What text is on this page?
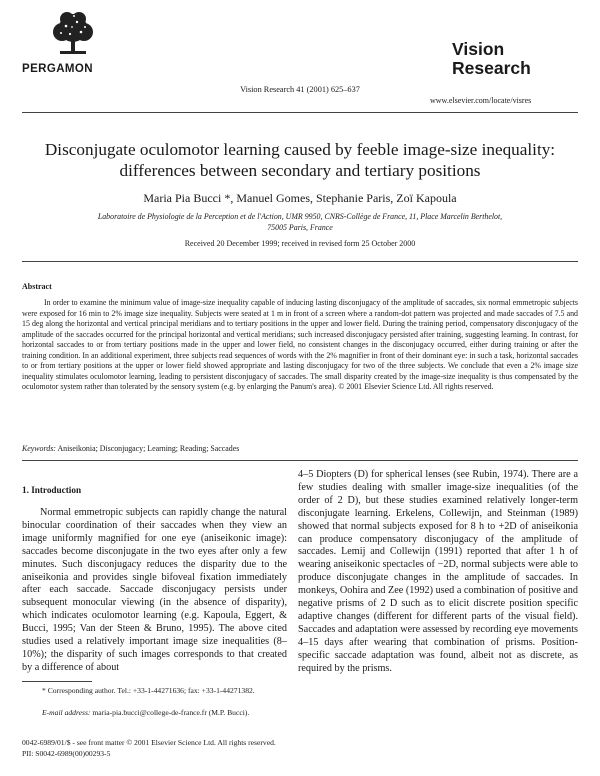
PERGAMON
Vision Research 41 (2001) 625–637
Vision
Research
www.elsevier.com/locate/visres
Disconjugate oculomotor learning caused by feeble image-size inequality: differences between secondary and tertiary positions
Maria Pia Bucci *, Manuel Gomes, Stephanie Paris, Zoï Kapoula
Laboratoire de Physiologie de la Perception et de l'Action, UMR 9950, CNRS-Collège de France, 11, Place Marcelin Berthelot,
75005 Paris, France
Received 20 December 1999; received in revised form 25 October 2000
Abstract
In order to examine the minimum value of image-size inequality capable of inducing lasting disconjugacy of the amplitude of saccades, six normal emmetropic subjects were exposed for 16 min to 2% image size inequality. Subjects were seated at 1 m in front of a screen where a random-dot pattern was projected and made saccades of 7.5 and 15 deg along the horizontal and vertical principal meridians and to tertiary positions in the upper and lower field. During the training period, compensatory disconjugacy of the amplitude of the saccades occurred for the principal horizontal and vertical meridians; such increased disconjugacy persisted after training, suggesting learning. In contrast, for horizontal saccades to or from tertiary positions made in the upper and lower field, no consistent changes in the disconjugacy occurred, either during training or after the training condition. In an additional experiment, three subjects read sequences of words with the 2% magnifier in front of their dominant eye: in such a task, horizontal saccades to or from tertiary positions at the upper or lower field showed appropriate and lasting disconjugacy for two of the three subjects. We conclude that even a 2% image size inequality stimulates oculomotor learning, leading to persistent disconjugacy of saccades. The small disparity created by the image-size inequality is thus compensated by the oculomotor system rather than tolerated by the sensory system (e.g. by enlarging the Panum's area). © 2001 Elsevier Science Ltd. All rights reserved.
Keywords: Aniseikonia; Disconjugacy; Learning; Reading; Saccades
1. Introduction
Normal emmetropic subjects can rapidly change the natural binocular coordination of their saccades when they view an image uniformly magnified for one eye (aniseikonic image): saccades become disconjugate in the two eyes after only a few minutes. Such disconjugacy reduces the disparity due to the aniseikonia and provides single bifoveal fixation immediately after each saccade. Saccade disconjugacy persists under subsequent monocular viewing (in the absence of disparity), which indicates oculomotor learning (e.g. Kapoula, Eggert, & Bucci, 1995; Van der Steen & Bruno, 1995). The above cited studies used a relatively important image size inequalities (8–10%); the disparity of such images corresponds to that created by a difference of about
4–5 Diopters (D) for spherical lenses (see Rubin, 1974). There are a few studies dealing with smaller image-size inequalities (of the order of 2 D), but these studies examined relatively longer-term disconjugate learning. Erkelens, Collewijn, and Steinman (1989) showed that normal subjects exposed for 8 h to +2D of aniseikonia can produce compensatory disconjugacy of the amplitude of saccades. Lemij and Collewijn (1991) reported that after 1 h of wearing aniseikonic spectacles of −2D, normal subjects were able to produce disconjugate changes in the amplitude of saccades. In monkeys, Oohira and Zee (1992) used a combination of positive and negative prisms of 2 D such as to elicit discrete position specific adaptive changes (different for different parts of the visual field). Saccades and adaptation were assessed by recording eye movements 4–15 days after wearing that combination of prisms. Position-specific saccade adaptation was found, albeit not as discrete, as required by the prisms.
* Corresponding author. Tel.: +33-1-44271636; fax: +33-1-44271382.
E-mail address: maria-pia.bucci@college-de-france.fr (M.P. Bucci).
0042-6989/01/$ - see front matter © 2001 Elsevier Science Ltd. All rights reserved.
PII: S0042-6989(00)00293-5
